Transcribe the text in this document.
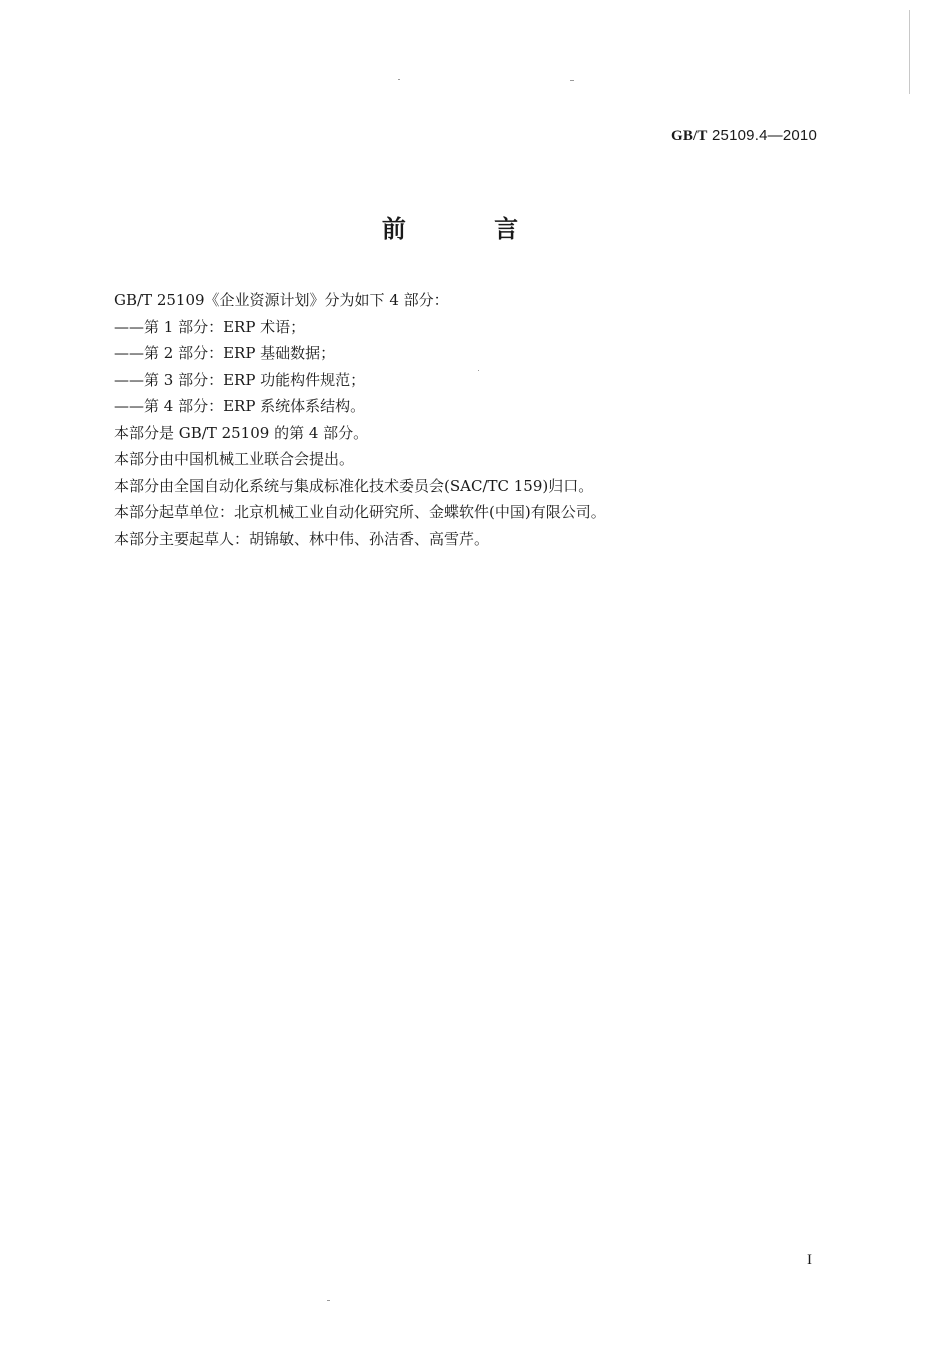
GB/T 25109.4—2010
前 言
GB/T 25109《企业资源计划》分为如下 4 部分：
——第 1 部分：ERP 术语；
——第 2 部分：ERP 基础数据；
——第 3 部分：ERP 功能构件规范；
——第 4 部分：ERP 系统体系结构。
本部分是 GB/T 25109 的第 4 部分。
本部分由中国机械工业联合会提出。
本部分由全国自动化系统与集成标准化技术委员会(SAC/TC 159)归口。
本部分起草单位：北京机械工业自动化研究所、金蝶软件(中国)有限公司。
本部分主要起草人：胡锦敏、林中伟、孙洁香、高雪芹。
I
